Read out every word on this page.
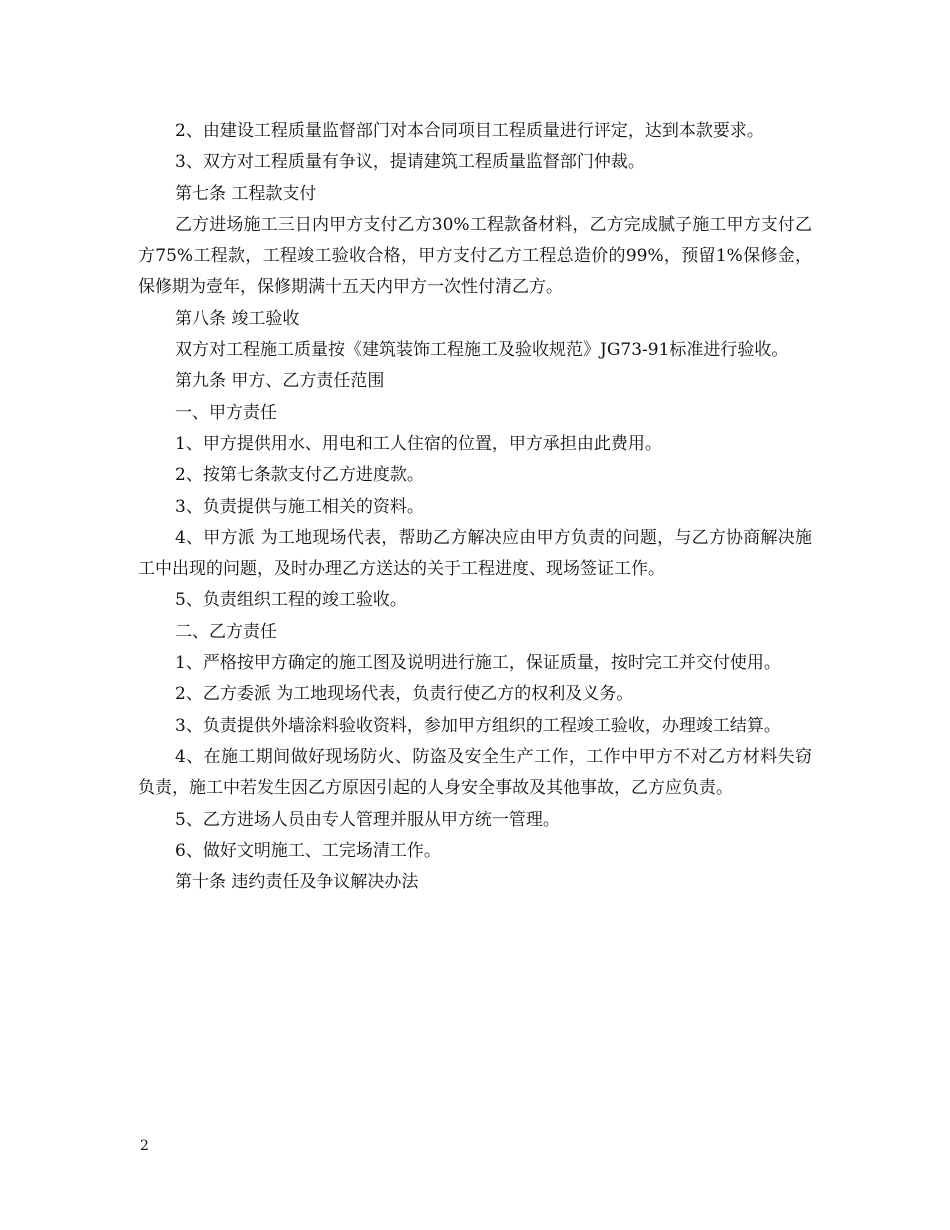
2、由建设工程质量监督部门对本合同项目工程质量进行评定，达到本款要求。

3、双方对工程质量有争议，提请建筑工程质量监督部门仲裁。

第七条 工程款支付

乙方进场施工三日内甲方支付乙方30%工程款备材料，乙方完成腻子施工甲方支付乙方75%工程款，工程竣工验收合格，甲方支付乙方工程总造价的99%，预留1%保修金，保修期为壹年，保修期满十五天内甲方一次性付清乙方。

第八条 竣工验收

双方对工程施工质量按《建筑装饰工程施工及验收规范》JG73-91标准进行验收。

第九条 甲方、乙方责任范围

一、甲方责任

1、甲方提供用水、用电和工人住宿的位置，甲方承担由此费用。

2、按第七条款支付乙方进度款。

3、负责提供与施工相关的资料。

4、甲方派 为工地现场代表，帮助乙方解决应由甲方负责的问题，与乙方协商解决施工中出现的问题，及时办理乙方送达的关于工程进度、现场签证工作。

5、负责组织工程的竣工验收。

二、乙方责任

1、严格按甲方确定的施工图及说明进行施工，保证质量，按时完工并交付使用。

2、乙方委派 为工地现场代表，负责行使乙方的权利及义务。

3、负责提供外墙涂料验收资料，参加甲方组织的工程竣工验收，办理竣工结算。

4、在施工期间做好现场防火、防盗及安全生产工作，工作中甲方不对乙方材料失窃负责，施工中若发生因乙方原因引起的人身安全事故及其他事故，乙方应负责。

5、乙方进场人员由专人管理并服从甲方统一管理。

6、做好文明施工、工完场清工作。

第十条 违约责任及争议解决办法

2
